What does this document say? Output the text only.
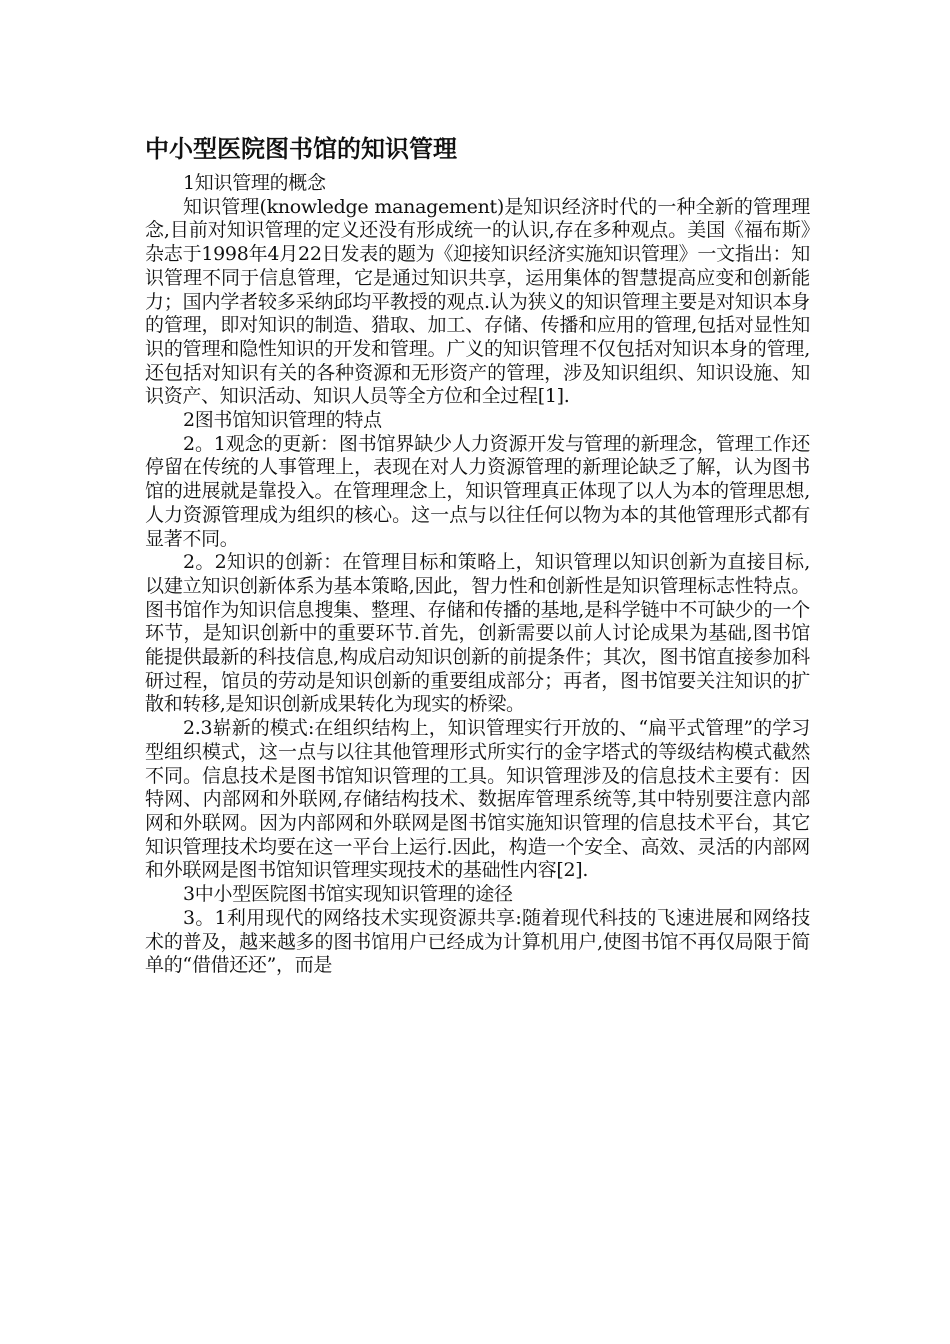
中小型医院图书馆的知识管理

1知识管理的概念

知识管理(knowledge management)是知识经济时代的一种全新的管理理念,目前对知识管理的定义还没有形成统一的认识,存在多种观点。美国《福布斯》杂志于1998年4月22日发表的题为《迎接知识经济实施知识管理》一文指出：知识管理不同于信息管理，它是通过知识共享，运用集体的智慧提高应变和创新能力；国内学者较多采纳邱均平教授的观点.认为狭义的知识管理主要是对知识本身的管理，即对知识的制造、猎取、加工、存储、传播和应用的管理,包括对显性知识的管理和隐性知识的开发和管理。广义的知识管理不仅包括对知识本身的管理,还包括对知识有关的各种资源和无形资产的管理，涉及知识组织、知识设施、知识资产、知识活动、知识人员等全方位和全过程[1].

2图书馆知识管理的特点

2。1观念的更新：图书馆界缺少人力资源开发与管理的新理念，管理工作还停留在传统的人事管理上，表现在对人力资源管理的新理论缺乏了解，认为图书馆的进展就是靠投入。在管理理念上，知识管理真正体现了以人为本的管理思想,人力资源管理成为组织的核心。这一点与以往任何以物为本的其他管理形式都有显著不同。

2。2知识的创新：在管理目标和策略上，知识管理以知识创新为直接目标,以建立知识创新体系为基本策略,因此，智力性和创新性是知识管理标志性特点。图书馆作为知识信息搜集、整理、存储和传播的基地,是科学链中不可缺少的一个环节，是知识创新中的重要环节.首先，创新需要以前人讨论成果为基础,图书馆能提供最新的科技信息,构成启动知识创新的前提条件；其次，图书馆直接参加科研过程，馆员的劳动是知识创新的重要组成部分；再者，图书馆要关注知识的扩散和转移,是知识创新成果转化为现实的桥梁。

2.3崭新的模式:在组织结构上，知识管理实行开放的、“扁平式管理”的学习型组织模式，这一点与以往其他管理形式所实行的金字塔式的等级结构模式截然不同。信息技术是图书馆知识管理的工具。知识管理涉及的信息技术主要有：因特网、内部网和外联网,存储结构技术、数据库管理系统等,其中特别要注意内部网和外联网。因为内部网和外联网是图书馆实施知识管理的信息技术平台，其它知识管理技术均要在这一平台上运行.因此，构造一个安全、高效、灵活的内部网和外联网是图书馆知识管理实现技术的基础性内容[2].

3中小型医院图书馆实现知识管理的途径

3。1利用现代的网络技术实现资源共享:随着现代科技的飞速进展和网络技术的普及，越来越多的图书馆用户已经成为计算机用户,使图书馆不再仅局限于简单的“借借还还”，而是
